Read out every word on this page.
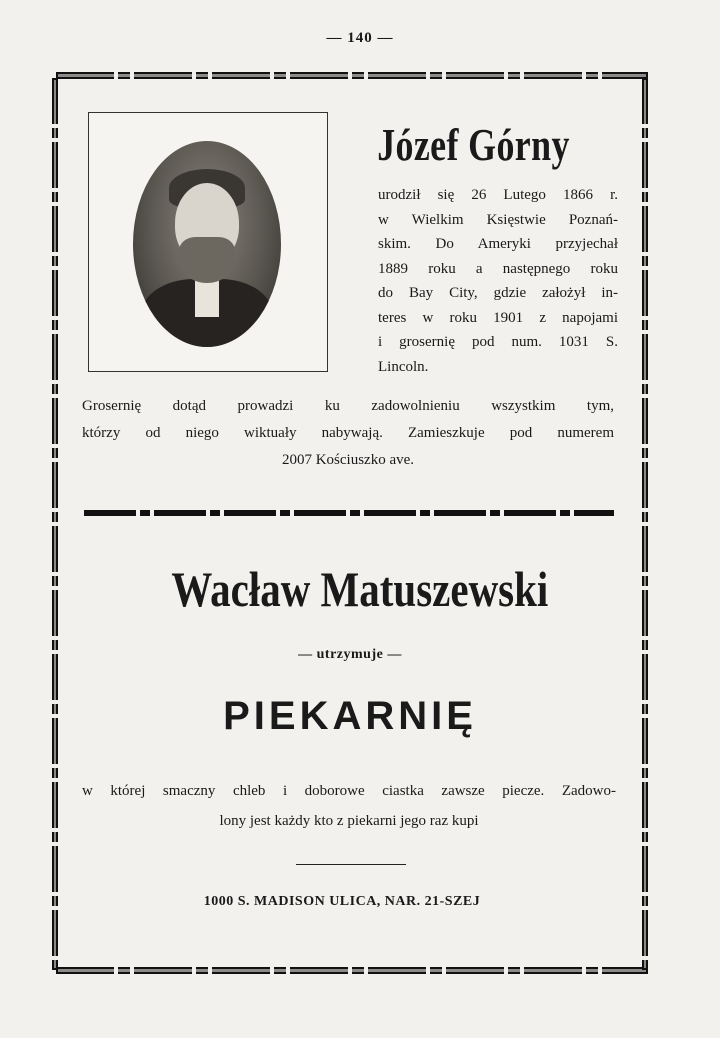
— 140 —
Józef Górny
urodził się 26 Lutego 1866 r.
w Wielkim Księstwie Poznań-
skim. Do Ameryki przyjechał
1889 roku a następnego roku
do Bay City, gdzie założył in-
teres w roku 1901 z napojami
i grosernię pod num. 1031 S.
Lincoln.
Grosernię dotąd prowadzi ku zadowolnieniu wszystkim tym,
którzy od niego wiktuały nabywają. Zamieszkuje pod numerem
2007 Kościuszko ave.
Wacław Matuszewski
— utrzymuje —
PIEKARNIĘ
w której smaczny chleb i doborowe ciastka zawsze piecze. Zadowo-
lony jest każdy kto z piekarni jego raz kupi
1000 S. MADISON ULICA, NAR. 21-SZEJ
